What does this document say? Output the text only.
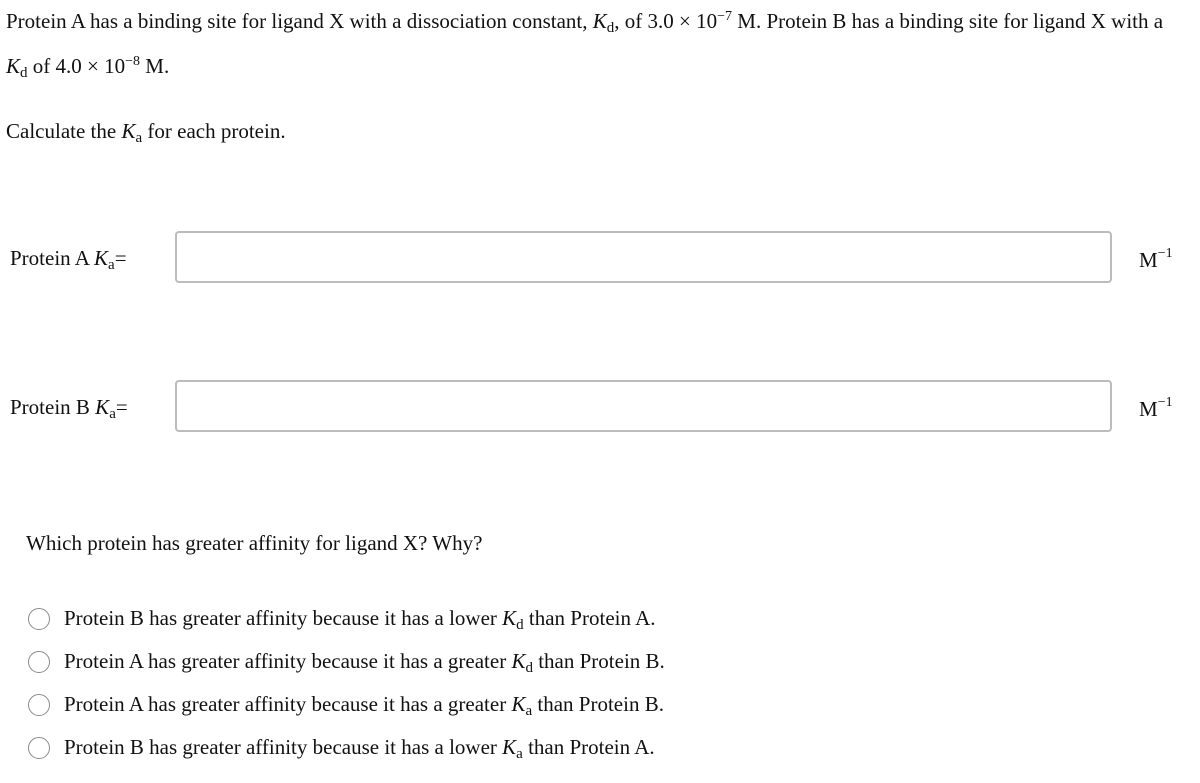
Protein A has a binding site for ligand X with a dissociation constant, $K_d$, of $3.0 \times 10^{-7}$ M. Protein B has a binding site for ligand X with a $K_d$ of $4.0 \times 10^{-8}$ M.

Calculate the $K_a$ for each protein.

Protein A $K_a=$	$M^{-1}$
Protein B $K_a=$	$M^{-1}$

Which protein has greater affinity for ligand X? Why?

Protein B has greater affinity because it has a lower $K_d$ than Protein A.
Protein A has greater affinity because it has a greater $K_d$ than Protein B.
Protein A has greater affinity because it has a greater $K_a$ than Protein B.
Protein B has greater affinity because it has a lower $K_a$ than Protein A.
